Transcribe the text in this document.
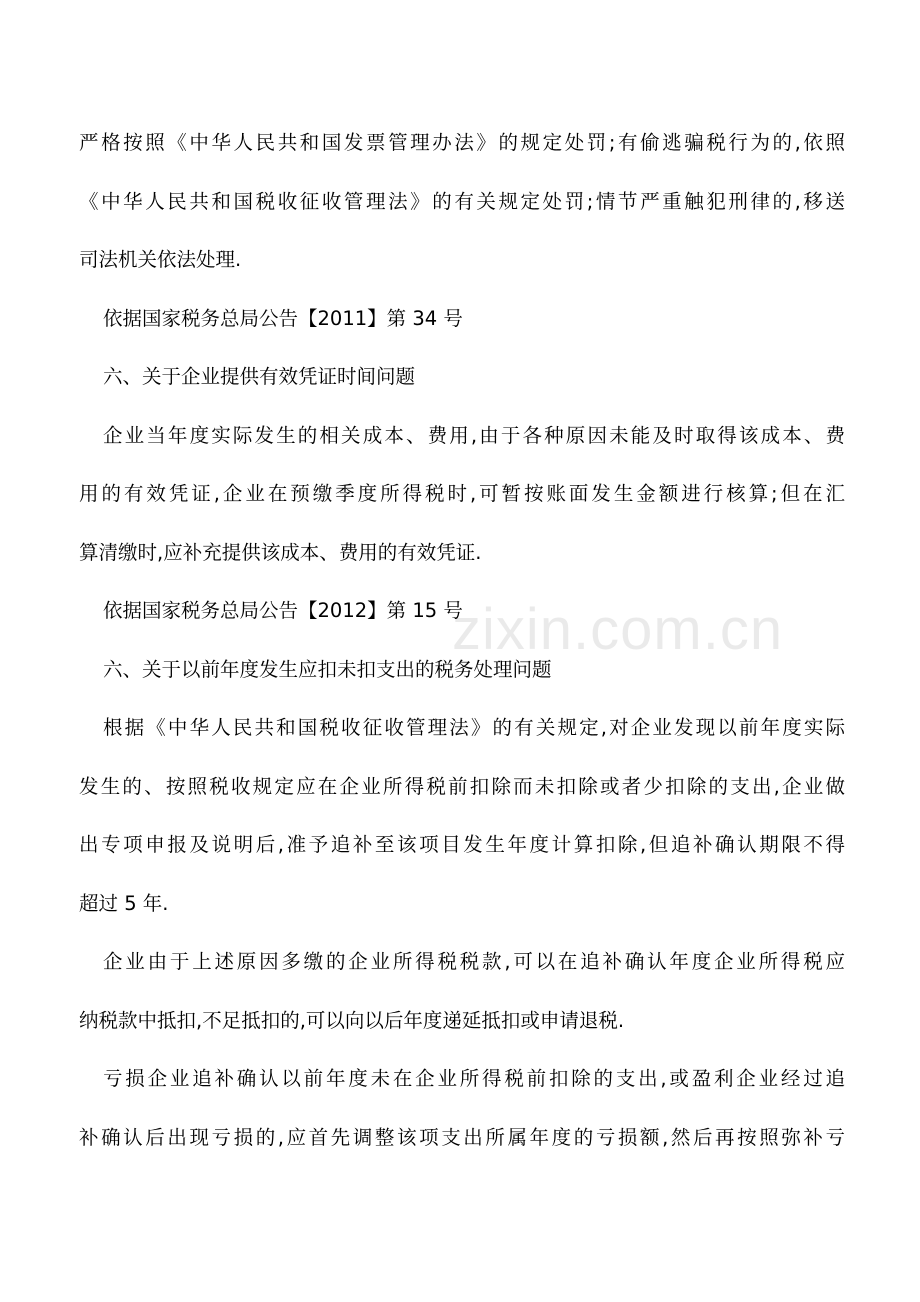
严格按照《中华人民共和国发票管理办法》的规定处罚;有偷逃骗税行为的,依照
《中华人民共和国税收征收管理法》的有关规定处罚;情节严重触犯刑律的,移送
司法机关依法处理.
依据国家税务总局公告【2011】第 34 号
六、关于企业提供有效凭证时间问题
企业当年度实际发生的相关成本、费用,由于各种原因未能及时取得该成本、费
用的有效凭证,企业在预缴季度所得税时,可暂按账面发生金额进行核算;但在汇
算清缴时,应补充提供该成本、费用的有效凭证.
依据国家税务总局公告【2012】第 15 号
六、关于以前年度发生应扣未扣支出的税务处理问题
根据《中华人民共和国税收征收管理法》的有关规定,对企业发现以前年度实际
发生的、按照税收规定应在企业所得税前扣除而未扣除或者少扣除的支出,企业做
出专项申报及说明后,准予追补至该项目发生年度计算扣除,但追补确认期限不得
超过 5 年.
企业由于上述原因多缴的企业所得税税款,可以在追补确认年度企业所得税应
纳税款中抵扣,不足抵扣的,可以向以后年度递延抵扣或申请退税.
亏损企业追补确认以前年度未在企业所得税前扣除的支出,或盈利企业经过追
补确认后出现亏损的,应首先调整该项支出所属年度的亏损额,然后再按照弥补亏
zixin.com.cn
